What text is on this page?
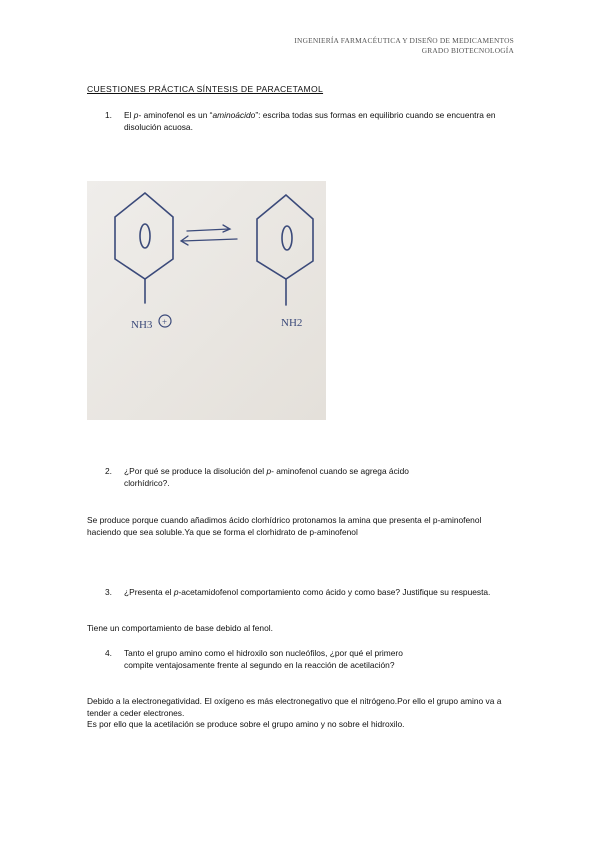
INGENIERÍA FARMACÉUTICA Y DISEÑO DE MEDICAMENTOS
GRADO BIOTECNOLOGÍA
CUESTIONES PRÁCTICA SÍNTESIS DE PARACETAMOL
1. El p- aminofenol es un “aminoácido”: escriba todas sus formas en equilibrio cuando se encuentra en disolución acuosa.
NH3 +	NH2
2. ¿Por qué se produce la disolución del p- aminofenol cuando se agrega ácido clorhídrico?.
Se produce porque cuando añadimos ácido clorhídrico protonamos la amina que presenta el p-aminofenol haciendo que sea soluble.Ya que se forma el clorhidrato de p-aminofenol
3. ¿Presenta el p-acetamidofenol comportamiento como ácido y como base? Justifique su respuesta.
Tiene un comportamiento de base debido al fenol.
4. Tanto el grupo amino como el hidroxilo son nucleófilos, ¿por qué el primero compite ventajosamente frente al segundo en la reacción de acetilación?
Debido a la electronegatividad. El oxígeno es más electronegativo que el nitrógeno.Por ello el grupo amino va a tender a ceder electrones.
Es por ello que la acetilación se produce sobre el grupo amino y no sobre el hidroxilo.
